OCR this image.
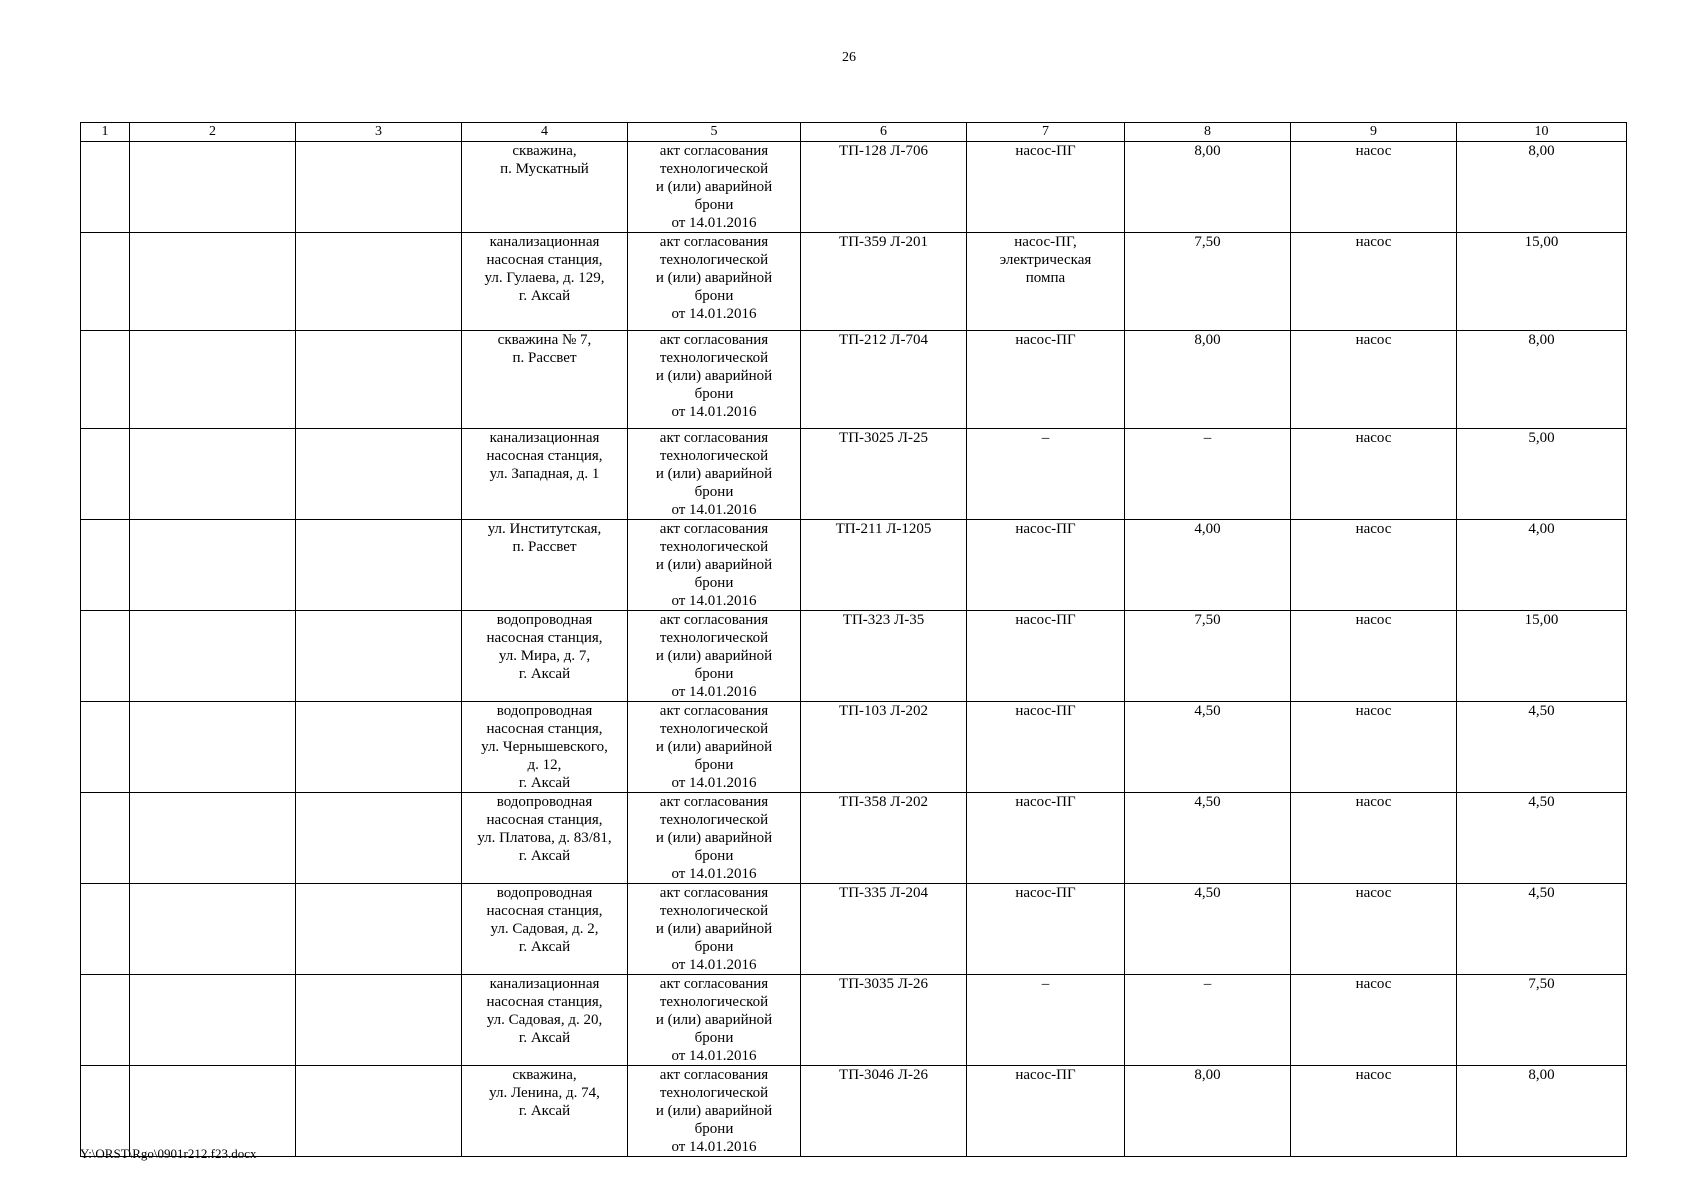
26
1	2	3	4	5	6	7	8	9	10
			скважина,
п. Мускатный	акт согласования
технологической
и (или) аварийной
брони
от 14.01.2016	ТП-128 Л-706	насос-ПГ	8,00	насос	8,00
			канализационная
насосная станция,
ул. Гулаева, д. 129,
г. Аксай	акт согласования
технологической
и (или) аварийной
брони
от 14.01.2016	ТП-359 Л-201	насос-ПГ,
электрическая
помпа	7,50	насос	15,00
			скважина № 7,
п. Рассвет	акт согласования
технологической
и (или) аварийной
брони
от 14.01.2016	ТП-212 Л-704	насос-ПГ	8,00	насос	8,00
			канализационная
насосная станция,
ул. Западная, д. 1	акт согласования
технологической
и (или) аварийной
брони
от 14.01.2016	ТП-3025 Л-25	–	–	насос	5,00
			ул. Институтская,
п. Рассвет	акт согласования
технологической
и (или) аварийной
брони
от 14.01.2016	ТП-211 Л-1205	насос-ПГ	4,00	насос	4,00
			водопроводная
насосная станция,
ул. Мира, д. 7,
г. Аксай	акт согласования
технологической
и (или) аварийной
брони
от 14.01.2016	ТП-323 Л-35	насос-ПГ	7,50	насос	15,00
			водопроводная
насосная станция,
ул. Чернышевского,
д. 12,
г. Аксай	акт согласования
технологической
и (или) аварийной
брони
от 14.01.2016	ТП-103 Л-202	насос-ПГ	4,50	насос	4,50
			водопроводная
насосная станция,
ул. Платова, д. 83/81,
г. Аксай	акт согласования
технологической
и (или) аварийной
брони
от 14.01.2016	ТП-358 Л-202	насос-ПГ	4,50	насос	4,50
			водопроводная
насосная станция,
ул. Садовая, д. 2,
г. Аксай	акт согласования
технологической
и (или) аварийной
брони
от 14.01.2016	ТП-335 Л-204	насос-ПГ	4,50	насос	4,50
			канализационная
насосная станция,
ул. Садовая, д. 20,
г. Аксай	акт согласования
технологической
и (или) аварийной
брони
от 14.01.2016	ТП-3035 Л-26	–	–	насос	7,50
			скважина,
ул. Ленина, д. 74,
г. Аксай	акт согласования
технологической
и (или) аварийной
брони
от 14.01.2016	ТП-3046 Л-26	насос-ПГ	8,00	насос	8,00
Y:\ORST\Rgo\0901r212.f23.docx
